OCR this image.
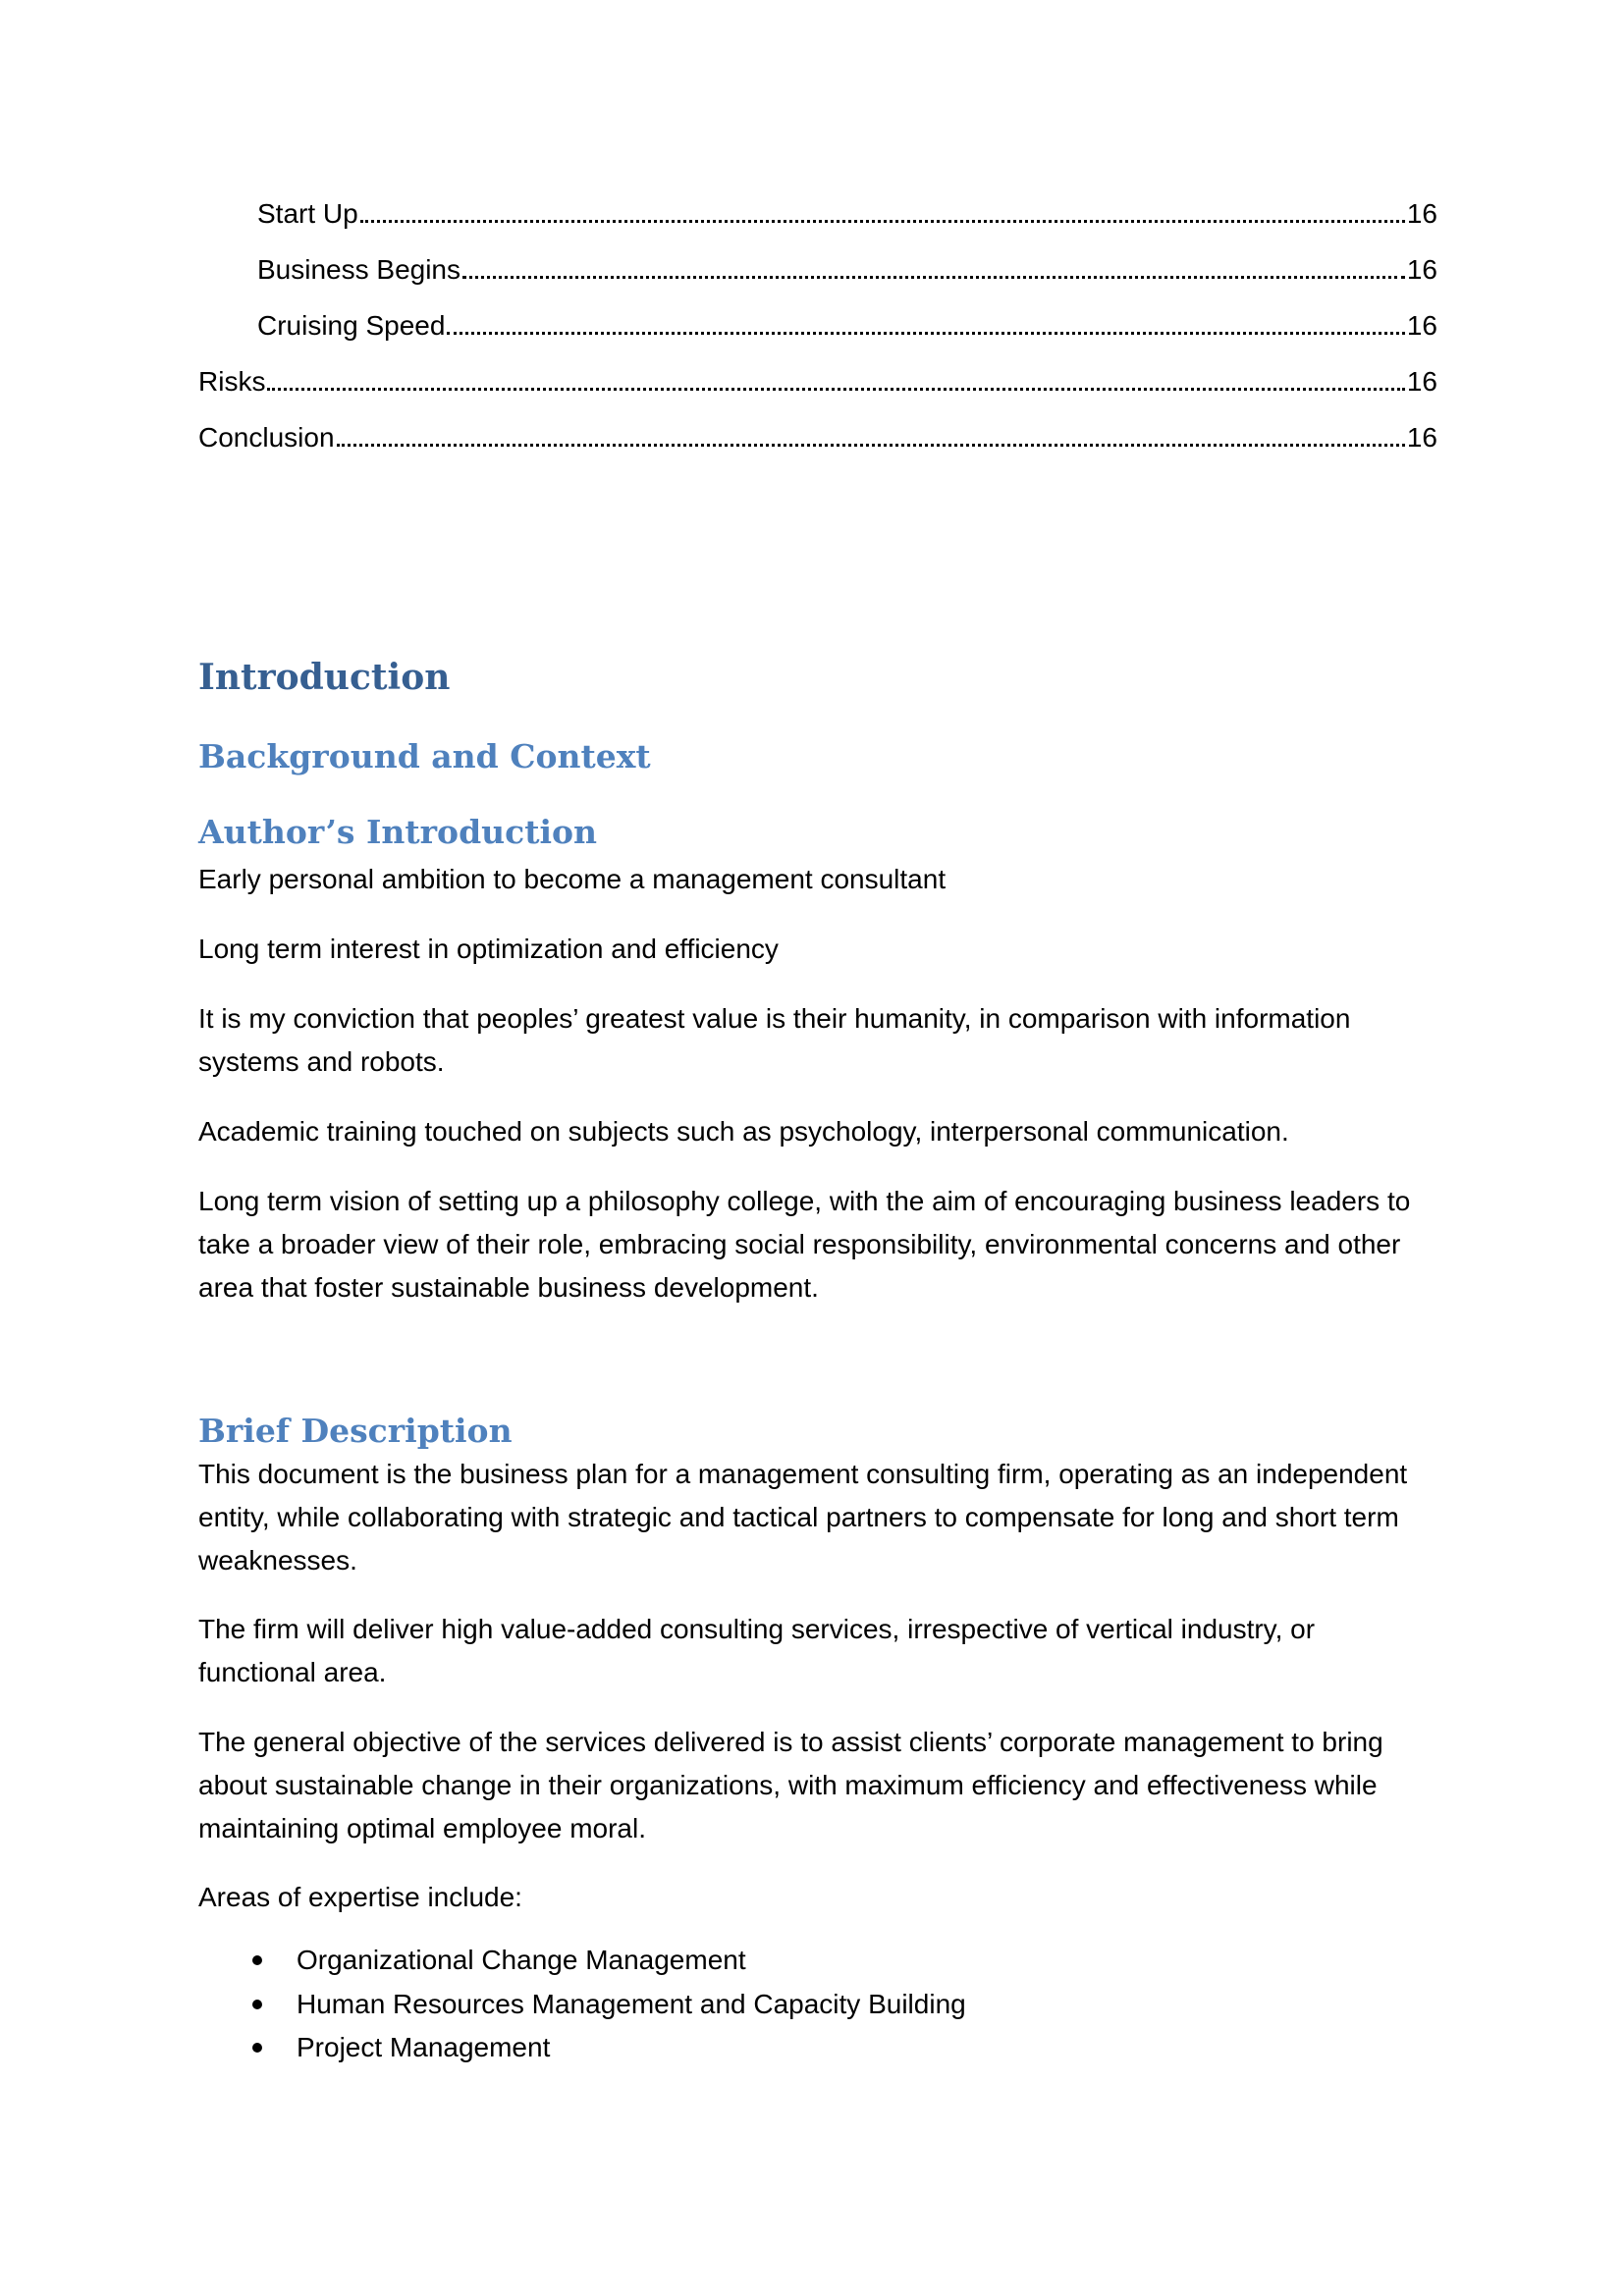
Start Up	16
Business Begins	16
Cruising Speed	16
Risks	16
Conclusion	16
Introduction
Background and Context
Author’s Introduction
Early personal ambition to become a management consultant
Long term interest in optimization and efficiency
It is my conviction that peoples’ greatest value is their humanity, in comparison with information systems and robots.
Academic training touched on subjects such as psychology, interpersonal communication.
Long term vision of setting up a philosophy college, with the aim of encouraging business leaders to take a broader view of their role, embracing social responsibility, environmental concerns and other area that foster sustainable business development.
Brief Description
This document is the business plan for a management consulting firm, operating as an independent entity, while collaborating with strategic and tactical partners to compensate for long and short term weaknesses.
The firm will deliver high value-added consulting services, irrespective of vertical industry, or functional area.
The general objective of the services delivered is to assist clients’ corporate management to bring about sustainable change in their organizations, with maximum efficiency and effectiveness while maintaining optimal employee moral.
Areas of expertise include:
Organizational Change Management
Human Resources Management and Capacity Building
Project Management
